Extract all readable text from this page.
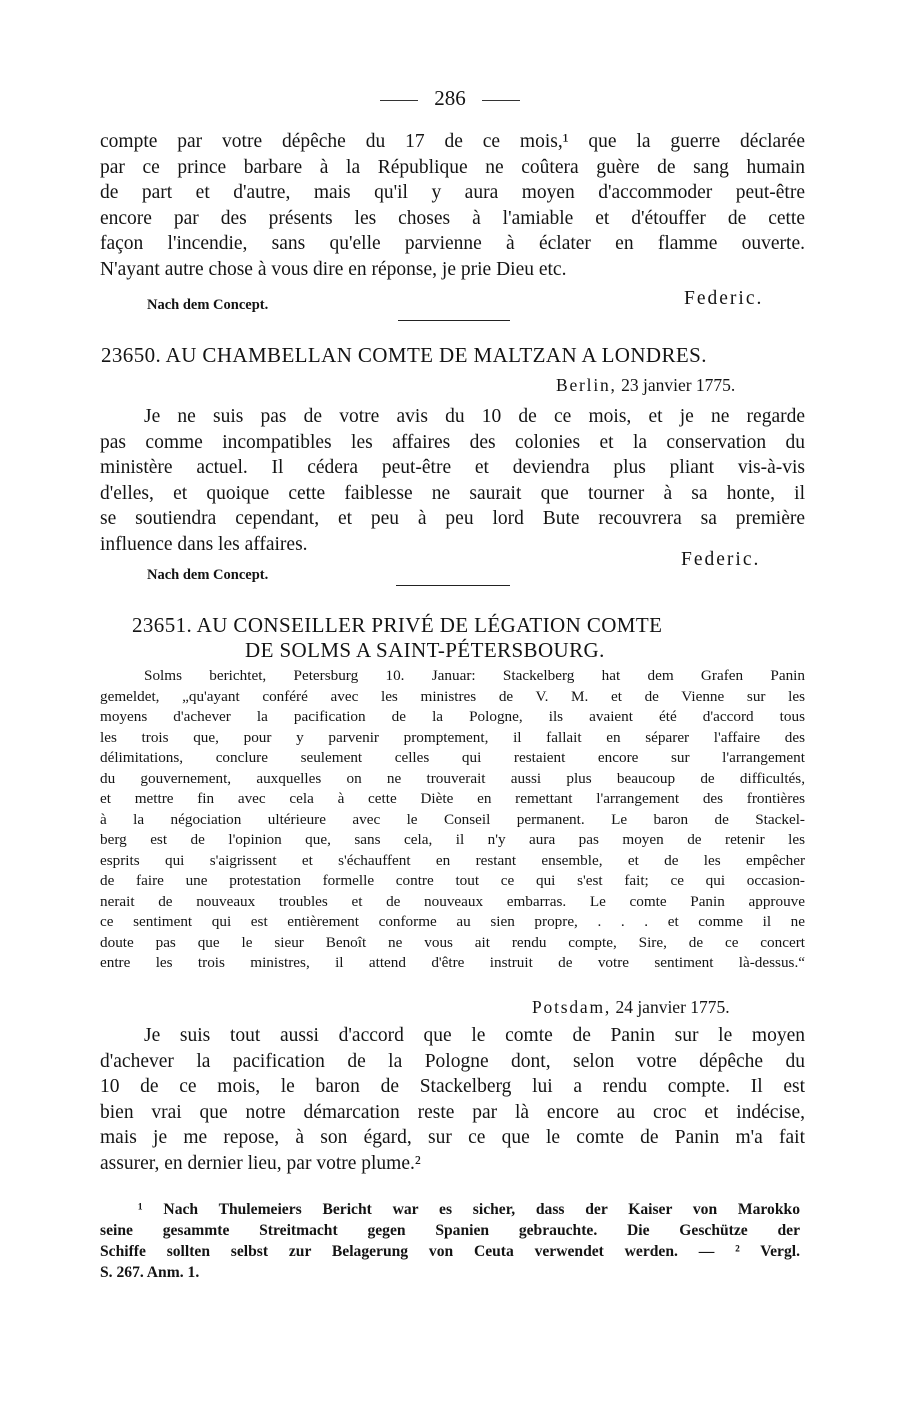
286
compte par votre dépêche du 17 de ce mois,¹ que la guerre déclarée
par ce prince barbare à la République ne coûtera guère de sang humain
de part et d'autre, mais qu'il y aura moyen d'accommoder peut-être
encore par des présents les choses à l'amiable et d'étouffer de cette
façon l'incendie, sans qu'elle parvienne à éclater en flamme ouverte.
N'ayant autre chose à vous dire en réponse, je prie Dieu etc.
Nach dem Concept.	Federic.
23650. AU CHAMBELLAN COMTE DE MALTZAN A LONDRES.
Berlin, 23 janvier 1775.
Je ne suis pas de votre avis du 10 de ce mois, et je ne regarde
pas comme incompatibles les affaires des colonies et la conservation du
ministère actuel. Il cédera peut-être et deviendra plus pliant vis-à-vis
d'elles, et quoique cette faiblesse ne saurait que tourner à sa honte, il
se soutiendra cependant, et peu à peu lord Bute recouvrera sa première
influence dans les affaires.
Nach dem Concept.
Federic.
23651. AU CONSEILLER PRIVÉ DE LÉGATION COMTE
DE SOLMS A SAINT-PÉTERSBOURG.
Solms berichtet, Petersburg 10. Januar: Stackelberg hat dem Grafen Panin
gemeldet, „qu'ayant conféré avec les ministres de V. M. et de Vienne sur les
moyens d'achever la pacification de la Pologne, ils avaient été d'accord tous
les trois que, pour y parvenir promptement, il fallait en séparer l'affaire des
délimitations, conclure seulement celles qui restaient encore sur l'arrangement
du gouvernement, auxquelles on ne trouverait aussi plus beaucoup de difficultés,
et mettre fin avec cela à cette Diète en remettant l'arrangement des frontières
à la négociation ultérieure avec le Conseil permanent. Le baron de Stackel-
berg est de l'opinion que, sans cela, il n'y aura pas moyen de retenir les
esprits qui s'aigrissent et s'échauffent en restant ensemble, et de les empêcher
de faire une protestation formelle contre tout ce qui s'est fait; ce qui occasion-
nerait de nouveaux troubles et de nouveaux embarras. Le comte Panin approuve
ce sentiment qui est entièrement conforme au sien propre, . . . et comme il ne
doute pas que le sieur Benoît ne vous ait rendu compte, Sire, de ce concert
entre les trois ministres, il attend d'être instruit de votre sentiment là-dessus.“
Potsdam, 24 janvier 1775.
Je suis tout aussi d'accord que le comte de Panin sur le moyen
d'achever la pacification de la Pologne dont, selon votre dépêche du
10 de ce mois, le baron de Stackelberg lui a rendu compte. Il est
bien vrai que notre démarcation reste par là encore au croc et indécise,
mais je me repose, à son égard, sur ce que le comte de Panin m'a fait
assurer, en dernier lieu, par votre plume.²
¹ Nach Thulemeiers Bericht war es sicher, dass der Kaiser von Marokko
seine gesammte Streitmacht gegen Spanien gebrauchte. Die Geschütze der
Schiffe sollten selbst zur Belagerung von Ceuta verwendet werden. — ² Vergl.
S. 267. Anm. 1.
